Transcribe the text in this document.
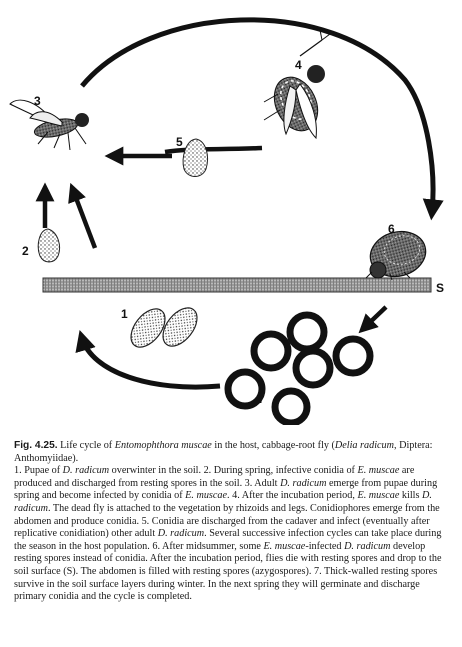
1
2
3
4
5
6
7
S

Fig. 4.25. Life cycle of Entomophthora muscae in the host, cabbage-root fly (Delia radicum, Diptera: Anthomyiidae).

1. Pupae of D. radicum overwinter in the soil. 2. During spring, infective conidia of E. muscae are produced and discharged from resting spores in the soil. 3. Adult D. radicum emerge from pupae during spring and become infected by conidia of E. muscae. 4. After the incubation period, E. muscae kills D. radicum. The dead fly is attached to the vegetation by rhizoids and legs. Conidiophores emerge from the abdomen and produce conidia. 5. Conidia are discharged from the cadaver and infect (eventually after replicative conidiation) other adult D. radicum. Several successive infection cycles can take place during the season in the host population. 6. After midsummer, some E. muscae-infected D. radicum develop resting spores instead of conidia. After the incubation period, flies die with resting spores and drop to the soil surface (S). The abdomen is filled with resting spores (azygospores). 7. Thick-walled resting spores survive in the soil surface layers during winter. In the next spring they will germinate and discharge primary conidia and the cycle is completed.
